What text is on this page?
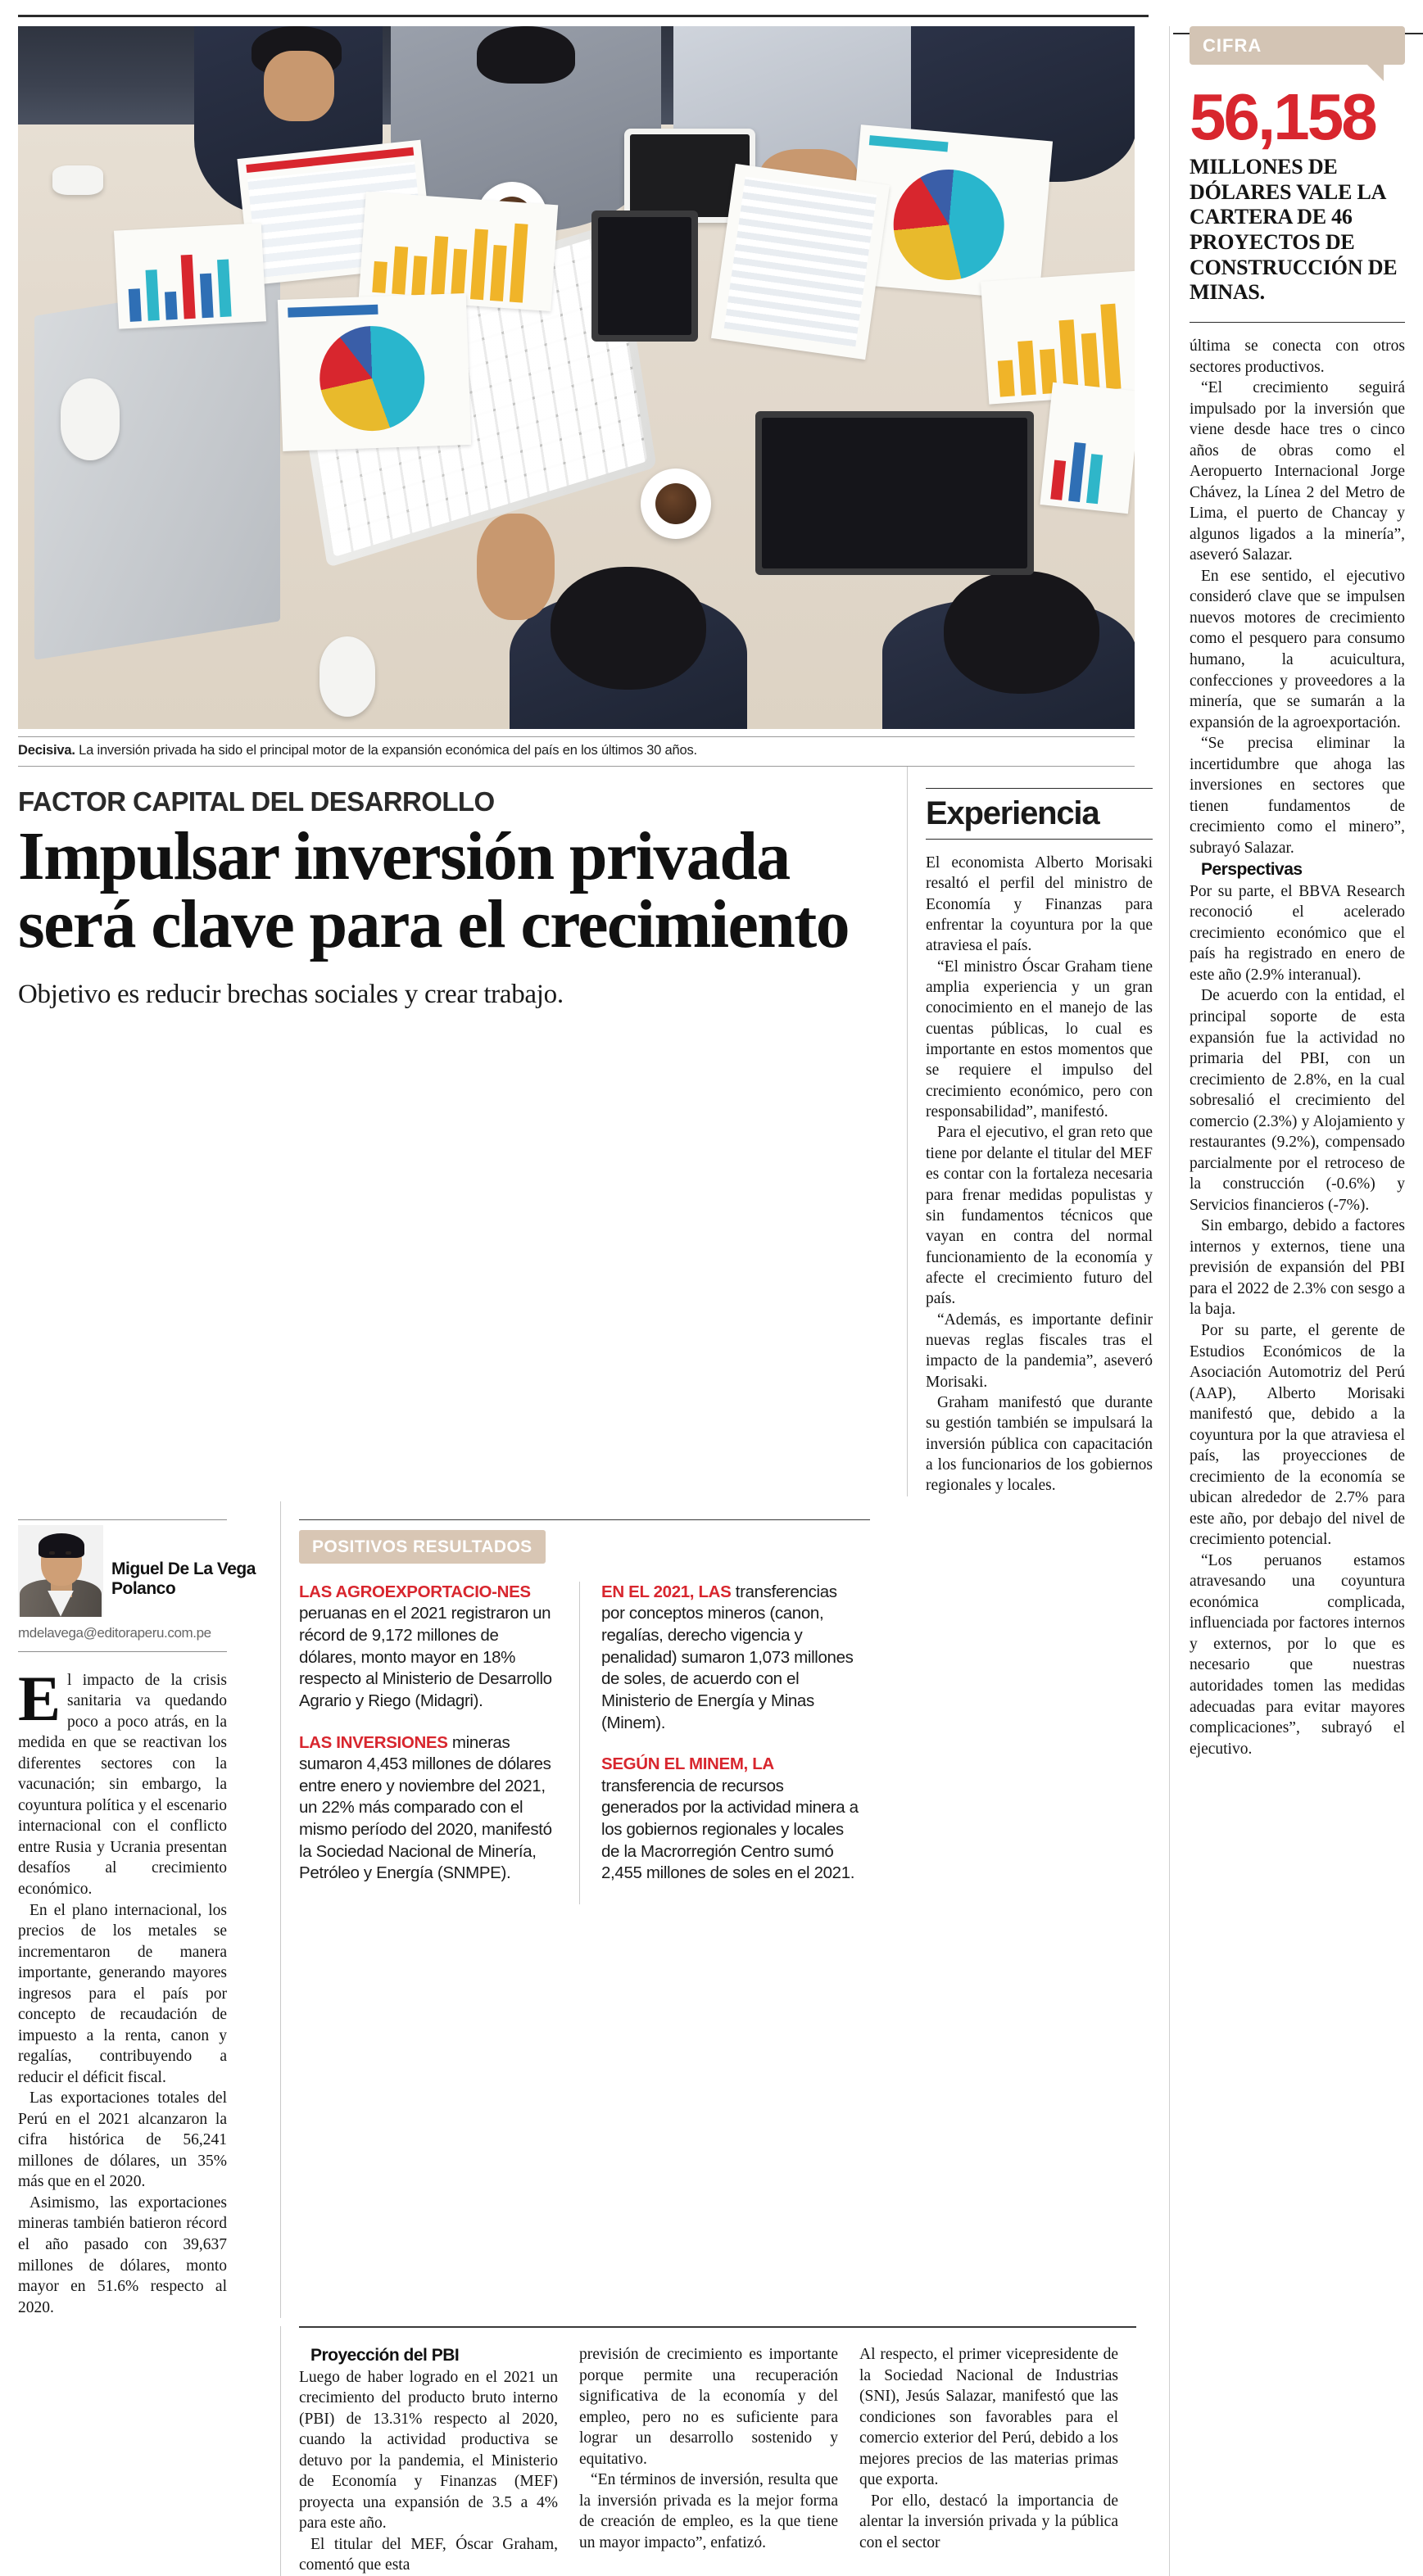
Decisiva. La inversión privada ha sido el principal motor de la expansión económica del país en los últimos 30 años.
FACTOR CAPITAL DEL DESARROLLO
Impulsar inversión privada será clave para el crecimiento
Objetivo es reducir brechas sociales y crear trabajo.
Experiencia

El economista Alberto Morisaki resaltó el perfil del ministro de Economía y Finanzas para enfrentar la coyuntura por la que atraviesa el país.

“El ministro Óscar Graham tiene amplia experiencia y un gran conocimiento en el manejo de las cuentas públicas, lo cual es importante en estos momentos que se requiere el impulso del crecimiento económico, pero con responsabilidad”, manifestó.

Para el ejecutivo, el gran reto que tiene por delante el titular del MEF es contar con la fortaleza necesaria para frenar medidas populistas y sin fundamentos técnicos que vayan en contra del normal funcionamiento de la economía y afecte el crecimiento futuro del país.

“Además, es importante definir nuevas reglas fiscales tras el impacto de la pandemia”, aseveró Morisaki.

Graham manifestó que durante su gestión también se impulsará la inversión pública con capacitación a los funcionarios de los gobiernos regionales y locales.

Miguel De La Vega Polanco
mdelavega@editoraperu.com.pe

El impacto de la crisis sanitaria va quedando poco a poco atrás, en la medida en que se reactivan los diferentes sectores con la vacunación; sin embargo, la coyuntura política y el escenario internacional con el conflicto entre Rusia y Ucrania presentan desafíos al crecimiento económico.

En el plano internacional, los precios de los metales se incrementaron de manera importante, generando mayores ingresos para el país por concepto de recaudación de impuesto a la renta, canon y regalías, contribuyendo a reducir el déficit fiscal.

Las exportaciones totales del Perú en el 2021 alcanzaron la cifra histórica de 56,241 millones de dólares, un 35% más que en el 2020.

Asimismo, las exportaciones mineras también batieron récord el año pasado con 39,637 millones de dólares, monto mayor en 51.6% respecto al 2020.

POSITIVOS RESULTADOS

LAS AGROEXPORTACIO-NES peruanas en el 2021 registraron un récord de 9,172 millones de dólares, monto mayor en 18% respecto al Ministerio de Desarrollo Agrario y Riego (Midagri).

LAS INVERSIONES mineras sumaron 4,453 millones de dólares entre enero y noviembre del 2021, un 22% más comparado con el mismo período del 2020, manifestó la Sociedad Nacional de Minería, Petróleo y Energía (SNMPE).

EN EL 2021, LAS transferencias por conceptos mineros (canon, regalías, derecho vigencia y penalidad) sumaron 1,073 millones de soles, de acuerdo con el Ministerio de Energía y Minas (Minem).

SEGÚN EL MINEM, LA transferencia de recursos generados por la actividad minera a los gobiernos regionales y locales de la Macrorregión Centro sumó 2,455 millones de soles en el 2021.

Proyección del PBI

Luego de haber logrado en el 2021 un crecimiento del producto bruto interno (PBI) de 13.31% respecto al 2020, cuando la actividad productiva se detuvo por la pandemia, el Ministerio de Economía y Finanzas (MEF) proyecta una expansión de 3.5 a 4% para este año.

El titular del MEF, Óscar Graham, comentó que esta

previsión de crecimiento es importante porque permite una recuperación significativa de la economía y del empleo, pero no es suficiente para lograr un desarrollo sostenido y equitativo.

“En términos de inversión, resulta que la inversión privada es la mejor forma de creación de empleo, es la que tiene un mayor impacto”, enfatizó.

Al respecto, el primer vicepresidente de la Sociedad Nacional de Industrias (SNI), Jesús Salazar, manifestó que las condiciones son favorables para el comercio exterior del Perú, debido a los mejores precios de las materias primas que exporta.

Por ello, destacó la importancia de alentar la inversión privada y la pública con el sector

CIFRA
56,158
MILLONES DE DÓLARES VALE LA CARTERA DE 46 PROYECTOS DE CONSTRUCCIÓN DE MINAS.

última se conecta con otros sectores productivos.

“El crecimiento seguirá impulsado por la inversión que viene desde hace tres o cinco años de obras como el Aeropuerto Internacional Jorge Chávez, la Línea 2 del Metro de Lima, el puerto de Chancay y algunos ligados a la minería”, aseveró Salazar.

En ese sentido, el ejecutivo consideró clave que se impulsen nuevos motores de crecimiento como el pesquero para consumo humano, la acuicultura, confecciones y proveedores a la minería, que se sumarán a la expansión de la agroexportación.

“Se precisa eliminar la incertidumbre que ahoga las inversiones en sectores que tienen fundamentos de crecimiento como el minero”, subrayó Salazar.

Perspectivas

Por su parte, el BBVA Research reconoció el acelerado crecimiento económico que el país ha registrado en enero de este año (2.9% interanual).

De acuerdo con la entidad, el principal soporte de esta expansión fue la actividad no primaria del PBI, con un crecimiento de 2.8%, en la cual sobresalió el crecimiento del comercio (2.3%) y Alojamiento y restaurantes (9.2%), compensado parcialmente por el retroceso de la construcción (-0.6%) y Servicios financieros (-7%).

Sin embargo, debido a factores internos y externos, tiene una previsión de expansión del PBI para el 2022 de 2.3% con sesgo a la baja.

Por su parte, el gerente de Estudios Económicos de la Asociación Automotriz del Perú (AAP), Alberto Morisaki manifestó que, debido a la coyuntura por la que atraviesa el país, las proyecciones de crecimiento de la economía se ubican alrededor de 2.7% para este año, por debajo del nivel de crecimiento potencial.

“Los peruanos estamos atravesando una coyuntura económica complicada, influenciada por factores internos y externos, por lo que es necesario que nuestras autoridades tomen las medidas adecuadas para evitar mayores complicaciones”, subrayó el ejecutivo.
